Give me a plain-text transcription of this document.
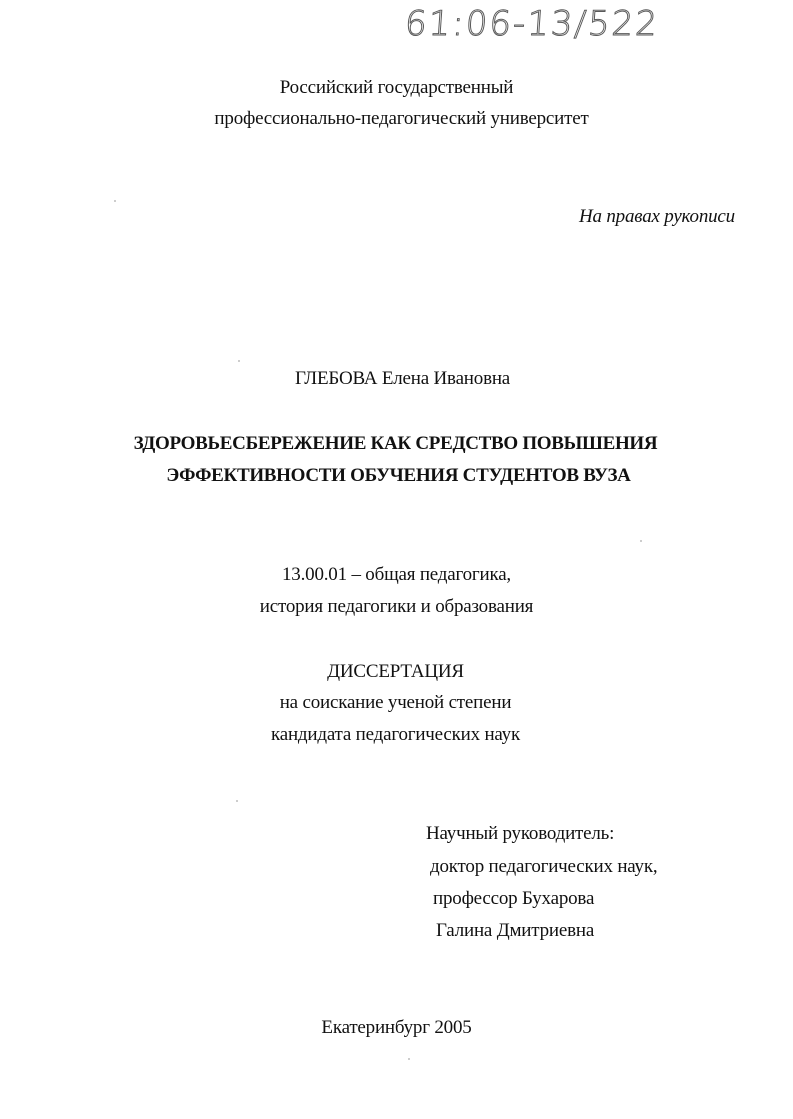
61:06-13/522
Российский государственный
профессионально-педагогический университет
На правах рукописи
ГЛЕБОВА Елена Ивановна
ЗДОРОВЬЕСБЕРЕЖЕНИЕ КАК СРЕДСТВО ПОВЫШЕНИЯ
ЭФФЕКТИВНОСТИ ОБУЧЕНИЯ СТУДЕНТОВ ВУЗА
13.00.01 – общая педагогика,
история педагогики и образования
ДИССЕРТАЦИЯ
на соискание ученой степени
кандидата педагогических наук
Научный руководитель:
доктор педагогических наук,
профессор Бухарова
Галина Дмитриевна
Екатеринбург 2005
